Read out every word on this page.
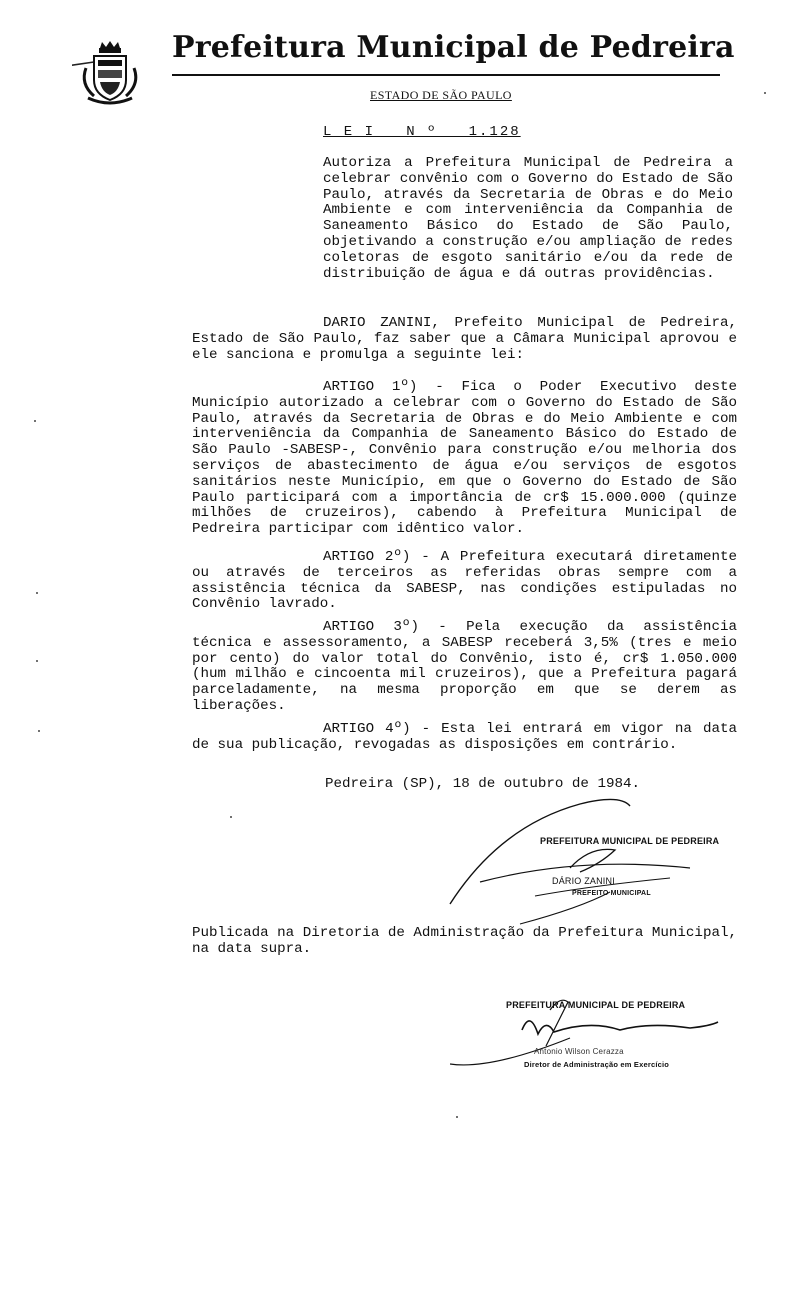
Prefeitura Municipal de Pedreira
ESTADO DE SÃO PAULO
L E I   N º   1.128
Autoriza a Prefeitura Municipal de Pedreira a celebrar convênio com o Governo do Estado de São Paulo, através da Secretaria de Obras e do Meio Ambiente e com interveniência da Companhia de Saneamento Básico do Estado de São Paulo, objetivando a construção e/ou ampliação de redes coletoras de esgoto sanitário e/ou da rede de distribuição de água e dá outras providências.
DARIO ZANINI, Prefeito Municipal de Pedreira, Estado de São Paulo, faz saber que a Câmara Municipal aprovou e ele sanciona e promulga a seguinte lei:
ARTIGO 1º) - Fica o Poder Executivo deste Município autorizado a celebrar com o Governo do Estado de São Paulo, através da Secretaria de Obras e do Meio Ambiente e com interveniência da Companhia de Saneamento Básico do Estado de São Paulo -SABESP-, Convênio para construção e/ou melhoria dos serviços de abastecimento de água e/ou serviços de esgotos sanitários neste Município, em que o Governo do Estado de São Paulo participará com a importância de cr$ 15.000.000 (quinze milhões de cruzeiros), cabendo à Prefeitura Municipal de Pedreira participar com idêntico valor.
ARTIGO 2º) - A Prefeitura executará diretamente ou através de terceiros as referidas obras sempre com a assistência técnica da SABESP, nas condições estipuladas no Convênio lavrado.
ARTIGO 3º) - Pela execução da assistência técnica e assessoramento, a SABESP receberá 3,5% (tres e meio por cento) do valor total do Convênio, isto é, cr$ 1.050.000 (hum milhão e cincoenta mil cruzeiros), que a Prefeitura pagará parceladamente, na mesma proporção em que se derem as liberações.
ARTIGO 4º) - Esta lei entrará em vigor na data de sua publicação, revogadas as disposições em contrário.
Pedreira (SP), 18 de outubro de 1984.
PREFEITURA MUNICIPAL DE PEDREIRA
DÁRIO ZANINI
PREFEITO MUNICIPAL
Publicada na Diretoria de Administração da Prefeitura Municipal, na data supra.
PREFEITURA MUNICIPAL DE PEDREIRA
Antonio Wilson Cerazza
Diretor de Administração em Exercício
